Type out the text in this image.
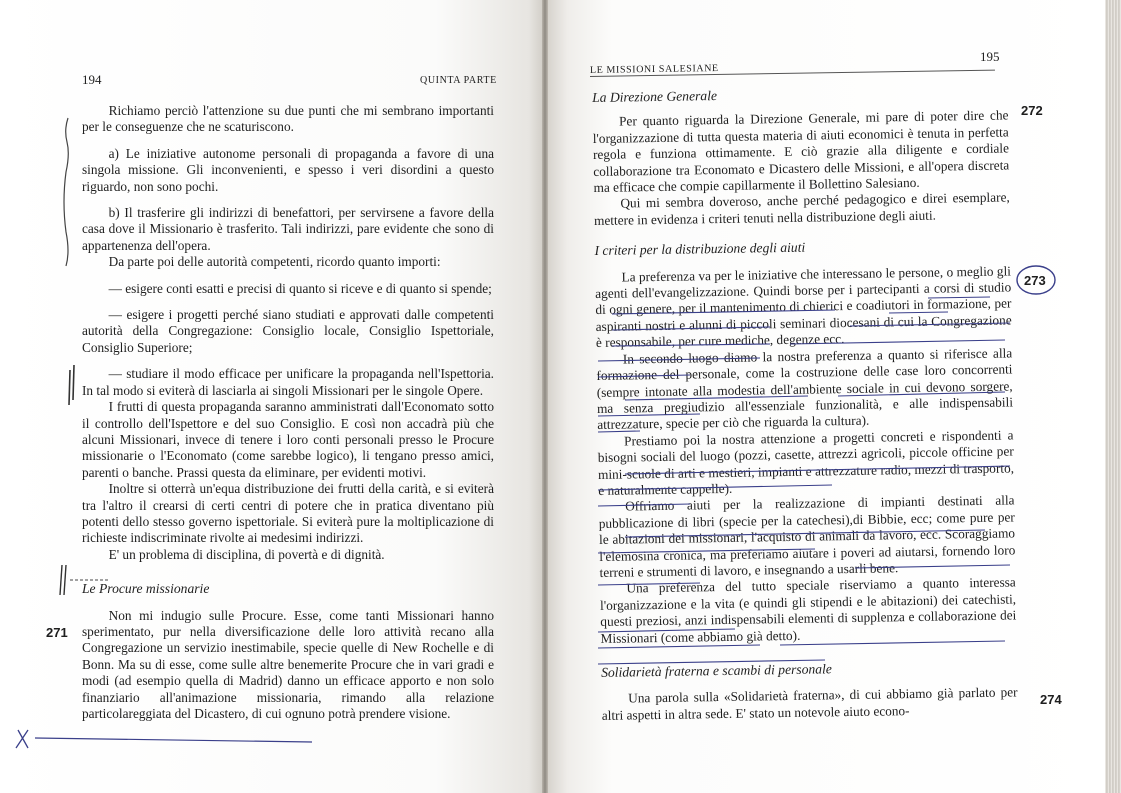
194	QUINTA PARTE

Richiamo perciò l'attenzione su due punti che mi sembrano importanti per le conseguenze che ne scaturiscono.

a) Le iniziative autonome personali di propaganda a favore di una singola missione. Gli inconvenienti, e spesso i veri disordini a questo riguardo, non sono pochi.

b) Il trasferire gli indirizzi di benefattori, per servirsene a favore della casa dove il Missionario è trasferito. Tali indirizzi, pare evidente che sono di appartenenza dell'opera.

Da parte poi delle autorità competenti, ricordo quanto importi:

— esigere conti esatti e precisi di quanto si riceve e di quanto si spende;

— esigere i progetti perché siano studiati e approvati dalle competenti autorità della Congregazione: Consiglio locale, Consiglio Ispettoriale, Consiglio Superiore;

— studiare il modo efficace per unificare la propaganda nell'Ispettoria. In tal modo si eviterà di lasciarla ai singoli Missionari per le singole Opere.

I frutti di questa propaganda saranno amministrati dall'Economato sotto il controllo dell'Ispettore e del suo Consiglio. E così non accadrà più che alcuni Missionari, invece di tenere i loro conti personali presso le Procure missionarie o l'Economato (come sarebbe logico), li tengano presso amici, parenti o banche. Prassi questa da eliminare, per evidenti motivi.

Inoltre si otterrà un'equa distribuzione dei frutti della carità, e si eviterà tra l'altro il crearsi di certi centri di potere che in pratica diventano più potenti dello stesso governo ispettoriale. Si eviterà pure la moltiplicazione di richieste indiscriminate rivolte ai medesimi indirizzi.

E' un problema di disciplina, di povertà e di dignità.

Le Procure missionarie

Non mi indugio sulle Procure. Esse, come tanti Missionari hanno sperimentato, pur nella diversificazione delle loro attività recano alla Congregazione un servizio inestimabile, specie quelle di New Rochelle e di Bonn. Ma su di esse, come sulle altre benemerite Procure che in vari gradi e modi (ad esempio quella di Madrid) danno un efficace apporto e non solo finanziario all'animazione missionaria, rimando alla relazione particolareggiata del Dicastero, di cui ognuno potrà prendere visione.

271
195
LE MISSIONI SALESIANE

La Direzione Generale

Per quanto riguarda la Direzione Generale, mi pare di poter dire che l'organizzazione di tutta questa materia di aiuti economici è tenuta in perfetta regola e funziona ottimamente. E ciò grazie alla diligente e cordiale collaborazione tra Economato e Dicastero delle Missioni, e all'opera discreta ma efficace che compie capillarmente il Bollettino Salesiano.

Qui mi sembra doveroso, anche perché pedagogico e direi esemplare, mettere in evidenza i criteri tenuti nella distribuzione degli aiuti.

I criteri per la distribuzione degli aiuti

La preferenza va per le iniziative che interessano le persone, o meglio gli agenti dell'evangelizzazione. Quindi borse per i partecipanti a corsi di studio di ogni genere, per il mantenimento di chierici e coadiutori in formazione, per aspiranti nostri e alunni di piccoli seminari diocesani di cui la Congregazione è responsabile, per cure mediche, degenze ecc.

In secondo luogo diamo la nostra preferenza a quanto si riferisce alla formazione del personale, come la costruzione delle case loro concorrenti (sempre intonate alla modestia dell'ambiente sociale in cui devono sorgere, ma senza pregiudizio all'essenziale funzionalità, e alle indispensabili attrezzature, specie per ciò che riguarda la cultura).

Prestiamo poi la nostra attenzione a progetti concreti e rispondenti a bisogni sociali del luogo (pozzi, casette, attrezzi agricoli, piccole officine per mini-scuole di arti e mestieri, impianti e attrezzature radio, mezzi di trasporto, e naturalmente cappelle).

Offriamo aiuti per la realizzazione di impianti destinati alla pubblicazione di libri (specie per la catechesi),di Bibbie, ecc; come pure per le abitazioni dei missionari, l'acquisto di animali da lavoro, ecc. Scoraggiamo l'elemosina cronica, ma preferiamo aiutare i poveri ad aiutarsi, fornendo loro terreni e strumenti di lavoro, e insegnando a usarli bene.

Una preferenza del tutto speciale riserviamo a quanto interessa l'organizzazione e la vita (e quindi gli stipendi e le abitazioni) dei catechisti, questi preziosi, anzi indispensabili elementi di supplenza e collaborazione dei Missionari (come abbiamo già detto).

Solidarietà fraterna e scambi di personale

Una parola sulla «Solidarietà fraterna», di cui abbiamo già parlato per altri aspetti in altra sede. E' stato un notevole aiuto econo-

272
273
274
